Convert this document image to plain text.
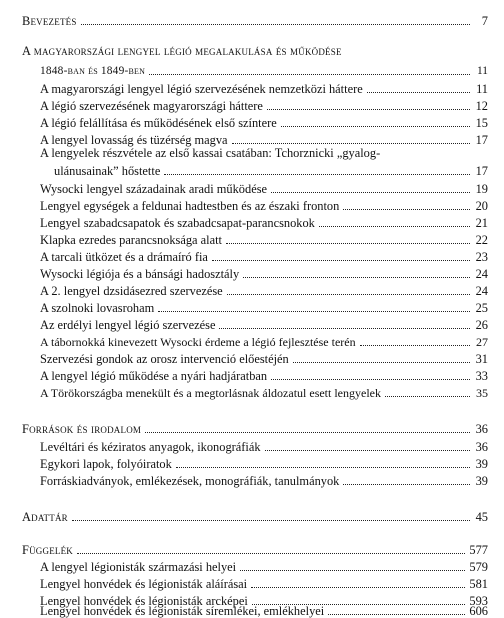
Bevezetés	7
A magyarországi lengyel légió megalakulása és működése
1848-ban és 1849-ben	11
A magyarországi lengyel légió szervezésének nemzetközi háttere	11
A légió szervezésének magyarországi háttere	12
A légió felállítása és működésének első színtere	15
A lengyel lovasság és tüzérség magva	17
A lengyelek részvétele az első kassai csatában: Tchorznicki „gyalog-
ulánusainak” hőstette	17
Wysocki lengyel századainak aradi működése	19
Lengyel egységek a feldunai hadtestben és az északi fronton	20
Lengyel szabadcsapatok és szabadcsapat-parancsnokok	21
Klapka ezredes parancsnoksága alatt	22
A tarcali ütközet és a drámaíró fia	23
Wysocki légiója és a bánsági hadosztály	24
A 2. lengyel dzsidásezred szervezése	24
A szolnoki lovasroham	25
Az erdélyi lengyel légió szervezése	26
A tábornokká kinevezett Wysocki érdeme a légió fejlesztése terén	27
Szervezési gondok az orosz intervenció előestéjén	31
A lengyel légió működése a nyári hadjáratban	33
A Törökországba menekült és a megtorlásnak áldozatul esett lengyelek	35
Források és irodalom	36
Levéltári és kéziratos anyagok, ikonográfiák	36
Egykori lapok, folyóiratok	39
Forráskiadványok, emlékezések, monográfiák, tanulmányok	39
Adattár	45
Függelék	577
A lengyel légionisták származási helyei	579
Lengyel honvédek és légionisták aláírásai	581
Lengyel honvédek és légionisták arcképei	593
Lengyel honvédek és légionisták síremlékei, emlékhelyei	606
